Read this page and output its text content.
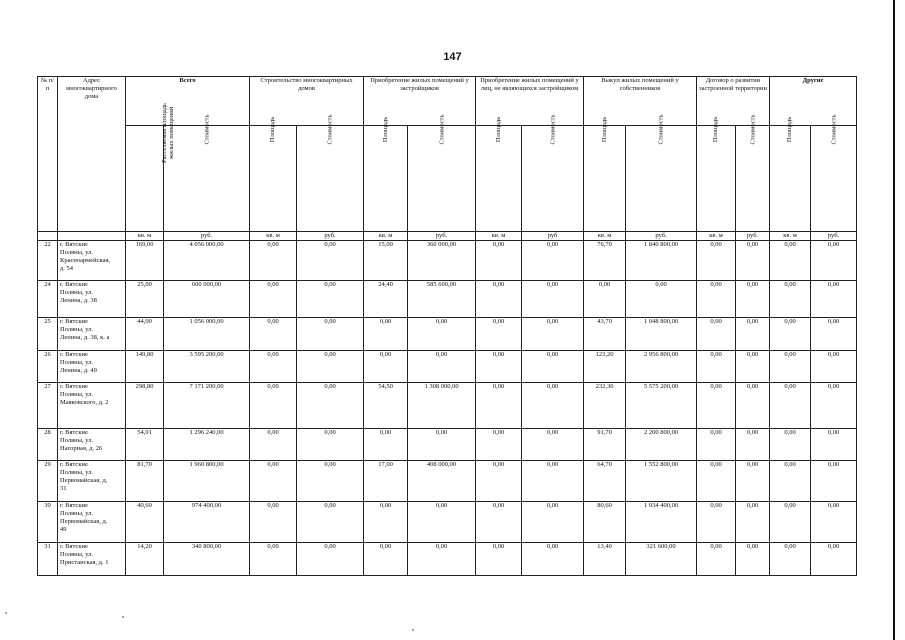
147
№ п/п	Адрес многоквартирного дома	Всего		Строительство многоквартирных домов		Приобретение жилых помещений у застройщиков		Приобретение жилых помещений у лиц, не являющихся застройщиком		Выкуп жилых помещений у собственников		Договор о развитии застроенной территории		Другие	
		Расселяемая площадь жилых помещений	Стоимость	Площадь	Стоимость	Площадь	Стоимость	Площадь	Стоимость	Площадь	Стоимость	Площадь	Стоимость	Площадь	Стоимость
		кв. м	руб.	кв. м	руб.	кв. м	руб.	кв. м	руб	кв. м	руб.	кв. м	руб.	кв. м	руб.
22	г. Вятские
Поляны, ул.
Красноармейская,
д. 54	169,00	4 056 000,00	0,00	0,00	15,00	360 000,00	0,00	0,00	76,70	1 840 800,00	0,00	0,00	0,00	0,00
24	г. Вятские
Поляны, ул.
Ленина, д. 38	25,00	600 000,00	0,00	0,00	24,40	585 600,00	0,00	0,00	0,00	0,00	0,00	0,00	0,00	0,00
25	г. Вятские
Поляны, ул.
Ленина, д. 38, к. а	44,00	1 056 000,00	0,00	0,00	0,00	0,00	0,00	0,00	43,70	1 048 800,00	0,00	0,00	0,00	0,00
26	г. Вятские
Поляны, ул.
Ленина, д. 49	149,80	3 595 200,00	0,00	0,00	0,00	0,00	0,00	0,00	123,20	2 956 800,00	0,00	0,00	0,00	0,00
27	г. Вятские
Поляны, ул.
Маяковского, д. 2	298,80	7 171 200,00	0,00	0,00	54,50	1 308 000,00	0,00	0,00	232,30	5 575 200,00	0,00	0,00	0,00	0,00
28	г. Вятские
Поляны, ул.
Нагорная, д. 26	54,01	1 296 240,00	0,00	0,00	0,00	0,00	0,00	0,00	91,70	2 200 800,00	0,00	0,00	0,00	0,00
29	г. Вятские
Поляны, ул.
Первомайская, д.
31	81,70	1 960 800,00	0,00	0,00	17,00	408 000,00	0,00	0,00	64,70	1 552 800,00	0,00	0,00	0,00	0,00
30	г. Вятские
Поляны, ул.
Первомайская, д.
49	40,60	974 400,00	0,00	0,00	0,00	0,00	0,00	0,00	80,60	1 934 400,00	0,00	0,00	0,00	0,00
31	г. Вятские
Поляны, ул.
Пристанская, д. 1	14,20	340 800,00	0,00	0,00	0,00	0,00	0,00	0,00	13,40	321 600,00	0,00	0,00	0,00	0,00
